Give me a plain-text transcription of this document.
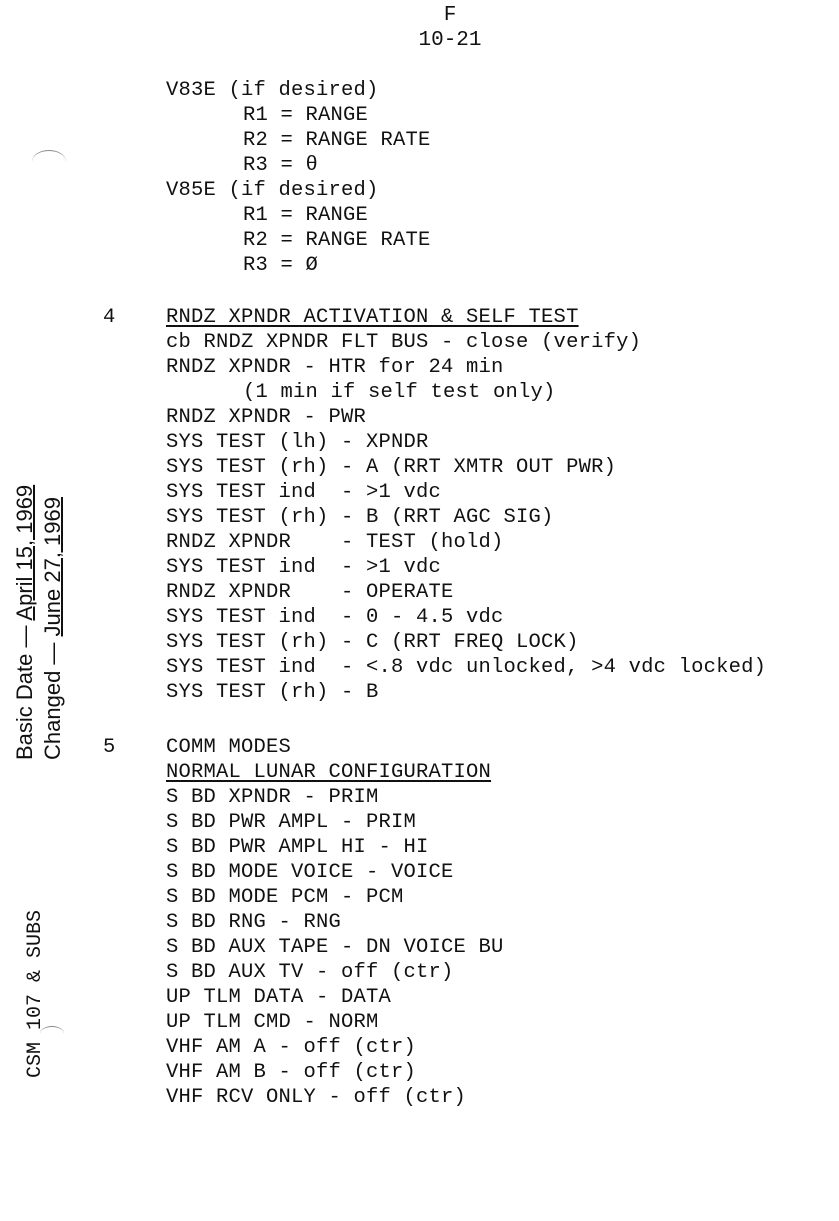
F
10-21
V83E (if desired)
R1 = RANGE
R2 = RANGE RATE
R3 = θ
V85E (if desired)
R1 = RANGE
R2 = RANGE RATE
R3 = Ø
4 RNDZ XPNDR ACTIVATION & SELF TEST
cb RNDZ XPNDR FLT BUS - close (verify)
RNDZ XPNDR - HTR for 24 min
(1 min if self test only)
RNDZ XPNDR - PWR
SYS TEST (lh) - XPNDR
SYS TEST (rh) - A (RRT XMTR OUT PWR)
SYS TEST ind  - >1 vdc
SYS TEST (rh) - B (RRT AGC SIG)
RNDZ XPNDR    - TEST (hold)
SYS TEST ind  - >1 vdc
RNDZ XPNDR    - OPERATE
SYS TEST ind  - 0 - 4.5 vdc
SYS TEST (rh) - C (RRT FREQ LOCK)
SYS TEST ind  - <.8 vdc unlocked, >4 vdc locked)
SYS TEST (rh) - B
5 COMM MODES
NORMAL LUNAR CONFIGURATION
S BD XPNDR - PRIM
S BD PWR AMPL - PRIM
S BD PWR AMPL HI - HI
S BD MODE VOICE - VOICE
S BD MODE PCM - PCM
S BD RNG - RNG
S BD AUX TAPE - DN VOICE BU
S BD AUX TV - off (ctr)
UP TLM DATA - DATA
UP TLM CMD - NORM
VHF AM A - off (ctr)
VHF AM B - off (ctr)
VHF RCV ONLY - off (ctr)
Basic Date — April 15, 1969
Changed — June 27, 1969
CSM 107 & SUBS
